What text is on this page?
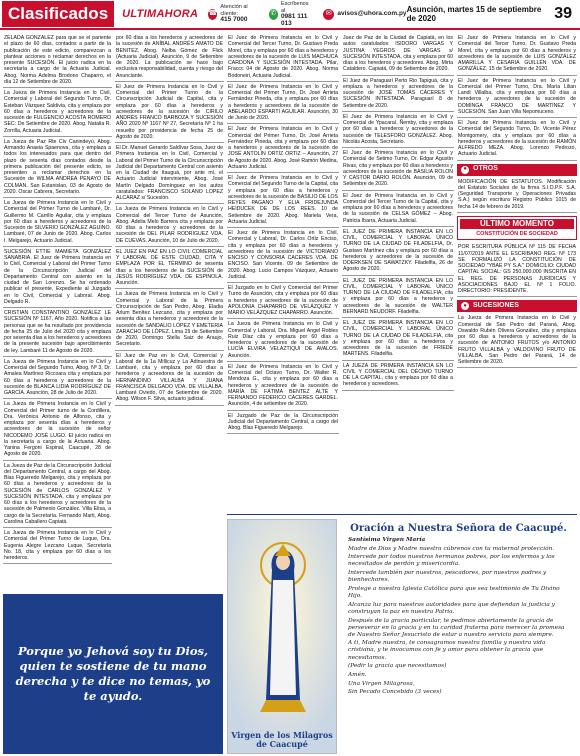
Clasificados	ULTIMAHORA ☎
Atención al cliente:
415 7000
✆
Escríbenos al
0981 111 013
✉ avisos@uhora.com.py Asunción, martes 15 de septiembre de 2020	39
ZELADA GONZALEZ para que se el pariente el plazo de 60 días, contados a partir de la publicación de este edicto, comparezcan a plantear acciones o reclamar derechos en la presente SUCESIÓN. El juicio radica en la secretaría a cargo de la Actuaria Judicial. Abog. Norma Adelma Brodono Chaparro, el día 12 de Setiembre de 2020.
La Jueza de Primera Instancia en lo Civil, Comercial y Laboral del Segundo Turno, Dr. Esteban Vázquez Saldivia, cita y emplaza por 60 días a herederos y acreedores de la sucesión de FULGENCIO ACOSTA ROMERO SEC: De Setiembre de 2020. Abog. Natalia R. Zorrilla, Actuaria Judicial.
La Jueza de Paz Rte Civ Canindeyú, Abog. Armando Anaeia Spaenova, cita y emplaza a todos los interesados para que dentro del plazo de sesenta días contados desde la primera publicación del presente edicto, se presenten a reclamar derechos en la Sucesión de WILMA ANDREA PENAYO DE COLMAN. San Estanislao, 03 de Agosto de 2020. Oscar Cabrera, Secretario.
La Jueza de Primera Instancia en lo Civil y Comercial del Primer Turno de Lambaré, Dr. Guillermo M. Carrillo Aguilar, cita y emplaza por 60 días a herederos y acreedores de la Sucesión de SILVERIO GONZÁLEZ AGUINO. Lambaré, 07 de Junio de 2020. Abog. Carlos I. Melgarejo, Actuario Judicial.
SUCESIÓN ETTIE MAMIETA GONZÁLEZ SANABRIA. El Juez de Primera Instancia en lo Civil, Comercial y Laboral del Primer Turno de la Circunscripción Judicial del Departamento Central con asiento en la ciudad de San Lorenzo. Se ha ordenado publicar el presente, Expediente al Juzgado en lo Civil, Comercial y Laboral. Abog. Delgado R.
CRISTIAN CONSTANTINO GONZÁLEZ LE SUCESIÓN Nº 1167, Año 2020. Notifica a las personas que se ha resultado por providencia de fecha 25 de Julio del 2020 cita y emplaza por sesenta días a los herederos y acreedores de la presente sucesión bajo apercibimiento de ley. Lambaré 11 de Agosto de 2020.
La Jueza de Primera Instancia en lo Civil y Comercial del Segundo Turno, Abog. Nº 3, Dr. Amalea Martínez Riccoara cita y emplaza por 60 días a herederos y acreedores de la sucesión de BLANCA LIDIA RODRÍGUEZ DE GARCÍA. Asunción, 28 de Julio de 2020.
La Jueza de Primera Instancia en lo Civil y Comercial del Primer turno de la Cordillera, Dra. Verónica Antonio de Alfonso, cita y emplaza por sesenta días a herederos y acreedores de la sucesión de señor NICODEMO JOSÉ LUGO. El juicio radica en la secretaría a cargo de la Actuaria. Abog. Yanina Fergoni Espinal, Caacupé, 28 de Agosto de 2020.
La Jueza de Paz de la Circunscripción Judicial del Departamento Central, a cargo del Abog. Blas Figueredo Melgarejo, cita y emplaza por 60 días a herederos y acreedores de la SUCESIÓN de CARLOS GONZÁLEZ Y SUCESIÓN INTESTADA, cita y emplaza por 60 días a los herederos y acreedores de la sucesión de Palmenio González. Villa Elisa, a cargo de la Secretaría. Fernando Marti, Abog. Carolina Caballero Capiatá.
La Jueza de Primera Instancia en lo Civil y Comercial del Primer Turno de Luque, Dra. Eugenia Alegre Lezcano Luque, Secretaría No. 18, cita y emplaza por 60 días a los herederos.
por 60 días a los herederos y acreedores de la sucesión de ANÍBAL ANDRÉS AMATO DE BENITEZ. Abog. Nelba Gómez de Flick (Actuaria Judicial). Asunción, 9 de Setiembre de 2020. La publicación se hace bajo exclusiva responsabilidad, cuenta y riesgo del Anunciante.
El Juez de Primera Instancia en lo Civil y Comercial del Primer Turno de la Circunscripción Judicial de Capital, cita y emplaza por 60 días a herederos y acreedores de la sucesión de CIRILO ANDRÉS FRANCO BARBOZA Y SUCESIÓN AÑO 2020 Nº 1167 Nº 27, Secretaría Nº 1 ha resuelto por providencia de fecha 25 de Agosto de 2020.
El Dr. Manuel Gerardo Saldívar Sosa, Juez de Primera Instancia en lo Civil, Comercial y Laboral del Primer Turno de la Circunscripción Judicial del Departamento Central con asiento en la Ciudad de Itauguá, por ante mí, el Actuario Judicial interviniente, Abog. José Martín Delgado Domínguez en los autos caratulados: FRANCISCO SOLANO LOPEZ ALCARAZ s/ Sucesión.
La Jueza de Primera Instancia en lo Civil y Comercial del Tercer Turno de Asunción, Abog. Adelia Melo Barrera cita y emplaza por 60 días a herederos y acreedores de la sucesión de DEL PILAR RODRIGUEZ VDA. DE CUEVAS. Asunción, 10 de Julio de 2020.
EL JUEZ EN PAZ EN LO CIVIL COMERCIAL Y LABORAL DE ESTE CIUDAD, CITA Y EMPLAZA POR EL TÉRMINO de sesenta días a los herederos de la SUCESIÓN de JESÚS RODRÍGUEZ VDA. DE ESPINOLA. Asunción.
La Jueza de Primera Instancia en lo Civil y Comercial y Laboral de la Primera Circunscripción de San Pedro, Abog. Eladia Arlum Benítez Lezcano, cita y emplaza por sesenta días a herederos y acreedores de la sucesión de SANDALIO LÓPEZ Y EMETERIA ZARACHO DE LÓPEZ. Lima 29 de Setiembre de 2020. Domingo Stella Saiz de Araujo, Secretario.
El Juez de Paz en lo Civil, Comercial y Laboral de la 1a Millicuz y La Adinuestra de Lambaré, cita y emplaza por 60 días a herederos y acreedores de la sucesión de HERNANDINO VILLALBA Y JUANA FRANCISCA DELGADO VDA. DE VILLALBA. Lambaré Oviedo, 07 de Setiembre de 2020. Abog. Wilson F. Silva, actuario judicial.
El Juez de Primera Instancia en lo Civil y Comercial del Tercer Turno, Dr. Gustavo Preda Morel, cita y emplaza por 60 días a herederos y acreedores de la sucesión de LUIS MACHUCA CARDONA Y SUCESIÓN INTESTADA. Pilar, Fraccc 04 de Agosto de 2020. Abog. Norma Bodoneiri, Actuaria Judicial.
El Juez de Primera Instancia en lo Civil y Comercial del Primer Turno, Dr. José Arrieta Fernández Pineda, cita y emplaza por 60 días a herederos y acreedores de la sucesión de ABELARDO ESPARTI AGUILAR. Asunción, 30 de Junio de 2020.
El Juez de Primera Instancia en lo Civil y Comercial del Primer Turno, Dr. José Arrieta Fernández Pineda, cita y emplaza por 60 días a herederos y acreedores de la sucesión de JOSÉ ANTOLÍN ORTIZ ORTIZ – Asunción, 27 de Agosto de 2020. Abog. José Ramón Medina, Actuario Judicial.
El Juez de Primera Instancia en lo Civil y Comercial del Segundo Turno de la Capital, cita y emplaza por 60 días a herederos y acreedores de la sucesión de BASILIO DE LOS REYES PAGANO Y ELIA FRIDEJUNDA HEIDUCEK DE DE LOS REES. 10 de Setiembre de 2020. Abog. Mariela Vera, Actuaria Judicial.
El Juez de Primera Instancia en lo Civil, Comercial y Laboral, Dr. Carlos Ortiz Enciso, cita y emplaza por 60 días a herederos y acreedores de la sucesión de VICTORIANO ENCISO Y CONSORIA CACERES VDA. DE ENCISO. San Vicente. 09 de Setiembre de 2020. Abog. Lucio Campos Vázquez, Actuario Judicial.
El Juzgado en lo Civil y Comercial del Primer Turno de Asunción, cita y emplaza por 60 días a herederos y acreedores de la sucesión de APOLONIA CHAPARRO DE VELÁZQUEZ Y MARIO VELÁZQUEZ CHAPARRO. Asunción.
La Jueza de Primera Instancia en lo Civil y Comercial y Laboral, Dra. Miguel Angel Robles Ruiz Díaz cita y emplaza por 60 días a herederos y acreedores de la sucesión de LUCÍA ELVIRA VELAZTIQUI DE AVALOS. Asunción.
El Juez de Primera Instancia en lo Civil y Comercial del Octavo Turno, Dr. Walter R. Mendoza G., cita y emplaza por 60 días a herederos y acreedores de la sucesión de MARÍA DE FÁTIMA BENTEZ ALTE Y FERNANDO FEDERICO CÁCERES GARDEL. Asunción, 4 de setiembre de 2020.
El Juzgado de Paz de la Circunscripción Judicial del Departamento Central, a cargo del Abog. Blas Figueredo Melgarejo.
Juez de Paz de la Ciudad de Capiatá, en los autos caratulados: ISIDORO VARGAS Y JUSTINA YEGROS DE VARGAS s/ SUCESIÓN INTESTADA, cita y emplaza por 60 días a los herederos y acreedores. Abog. Mirta Cataldero. Capiatá, 09 de Setiembre de 2020.
El Juez de Paraguarí Perto Rio Tapiguá, cita y emplaza a herederos y acreedores de la sucesión de JOSÉ TOMÁS CÁCERES Y SUCESIÓN INTESTADA. Paraguarí 8 de Setiembre de 2020.
El Juez de Primera Instancia en lo Civil y Comercial de Ypacaraí, Ñemby, cita y emplaza por 60 días a herederos y acreedores de la sucesión de TELESFORO GONZÁLEZ. Abog. Nicolás Acosta, Secretario.
El Juez de Primera Instancia en lo Civil y Comercial de Setimo Turno, Dr. Edgar Agustín Rivas, cita y emplaza por 60 días a herederos y acreedores de la sucesión de BASILIA ROLON Y CASTOR DARIO ROLÓN. Asunción, 09 de Setiembre de 2020.
El Juez de Primera Instancia en lo Civil y Comercial del Tercer Turno de la Capital, cita y emplaza por 60 días a herederos y acreedores de la sucesión de CELSA GÓMEZ – Abog. Patricia Ibarra, Actuaria Judicial.
EL JUEZ DE PRIMERA INSTANCIA EN LO CIVIL, COMERCIAL Y LABORAL ÚNICO TURNO DE LA CIUDAD DE FILADELFIA, Dr. Gustavo Martínez cita y emplaza por 60 días a herederos y acreedores de la sucesión de DOERKSEN DE SAWATZKY. Filadelfia, 26 de Agosto de 2020.
EL JUEZ DE PRIMERA INSTANCIA EN LO CIVIL, COMERCIAL Y LABORAL ÚNICO TURNO DE LA CIUDAD DE FILADELFIA, cita y emplaza por 60 días a herederos y acreedores de la sucesión de WALTER BERNARD NEUDORF. Filadelfia.
EL JUEZ DE PRIMERA INSTANCIA EN LO CIVIL, COMERCIAL Y LABORAL ÚNICO TURNO DE LA CIUDAD DE FILADELFIA, cita y emplaza por 60 días a herederos y acreedores de la sucesión de FRIEDE MARTENS. Filadelfia.
LA JUEZA DE PRIMERA INSTANCIA EN LO CIVIL Y COMERCIAL DEL DÉCIMO TURNO DE LA CAPITAL, cita y emplaza por 60 días a herederos y acreedores.
El Juez de Primera Instancia en lo Civil y Comercial del Tercer Turno, Dr. Gustavo Preda Morel, cita y emplaza por 60 días a herederos y acreedores de la sucesión de LUIS GONZÁLEZ AMARILLA Y CESARIA GUILLÉN VDA. DE GONZÁLEZ. 15 de Setiembre de 2020.
El Juez de Primera Instancia en lo Civil y Comercial del Primer Turno, Dra. María Lilian Landi Villalba, cita y emplaza por 60 días a herederos y acreedores de la sucesión de DOMINGA FRANCO DE MARTÍNEZ Y SUCESIÓN. San Juan Villa Nepomuceno.
El Juez de Primera Instancia en lo Civil y Comercial del Segundo Turno, Dr. Vicente Pérez Montgomery, cita y emplaza por 60 días a herederos y acreedores de la sucesión de RAMÓN ALFREDO MEZA. Abog. Lorenzo Pedrozo, Actuario Judicial.
● OTROS
MODIFICACIÓN DE ESTATUTOS. Modificación del Estatuto Sociales de la firma S.I.D.P.F. S.A. (Seguridad Transporte y Operaciones Privadas S.A.) según escritura Registro Público 1015 de fecha 14 de febrero de 2019.
ÚLTIMO MOMENTO
CONSTITUCIÓN DE SOCIEDAD
POR ESCRITURA PÚBLICA Nº 115 DE FECHA 11/07/2019 ANTE EL ESCRIBANO REG. Nº 173 SE FORMALIZÓ LA CONSTITUCIÓN DE SOCIEDAD "YBAÉ PY S.A." DOMICILIO: CIUDAD CAPITAL SOCIAL: GS 250.000.000 INSCRITA EN EL REG. DE PERSONAS JURÍDICAS Y ASOCIACIONES BAJO EL Nº 1 FOLIO. DIRECTORIO: PRESIDENTE.
● SUCESIONES
La Jueza de Primera Instancia en lo Civil y Comercial de San Pedro del Paraná, Abog. Oswaldo Rubén Olivera González, cita y emplaza por 60 días a herederos y acreedores de la sucesión de ANTONIO FRUTOS y/o ANTONIO FRUTO VILLALBA y VALDOVINO FRUTO DE VILLALBA. San Pedro del Paraná, 14 de Setiembre de 2020.
Porque yo Jehová soy tu Dios, quien te sostiene de tu mano derecha y te dice no temas, yo te ayudo.
Virgen de los Milagros de Caacupé
Oración a Nuestra Señora de Caacupé.
Santísima Virgen María
Madre de Dios y Madre nuestra cúbrenos con tu maternal protección.
Intercede por todos nuestros hermanos pobres, por los enfermos y los necesitados de perdón y misericordia.
Intercede también por nuestros, pescadores, por nuestros padres y bienhechores.
Protege a nuestra Iglesia Católica para que sea testimonio de Tu Divino Hijo.
Alcanza luz para nuestras autoridades para que defiendan la justicia y construyan la paz en nuestra Patria.
Después de la gracia particular, te pedimos abiertamente la gracia de perseverar en la gracia y en tu caridad fraterna para merecer la promesa de Nuestro Señor Jesucristo de estar a nuestro servicio para siempre.
A ti, Madre nuestra, te consagramos nuestra familia y nuestra vida cristiana, y te invocamos con fe y amor para obtener la gracia que necesitamos.
(Pedir la gracia que necesitamos)
Amén.
Una Virgen Milagrosa,
Sin Pecado Concebido (3 veces)
